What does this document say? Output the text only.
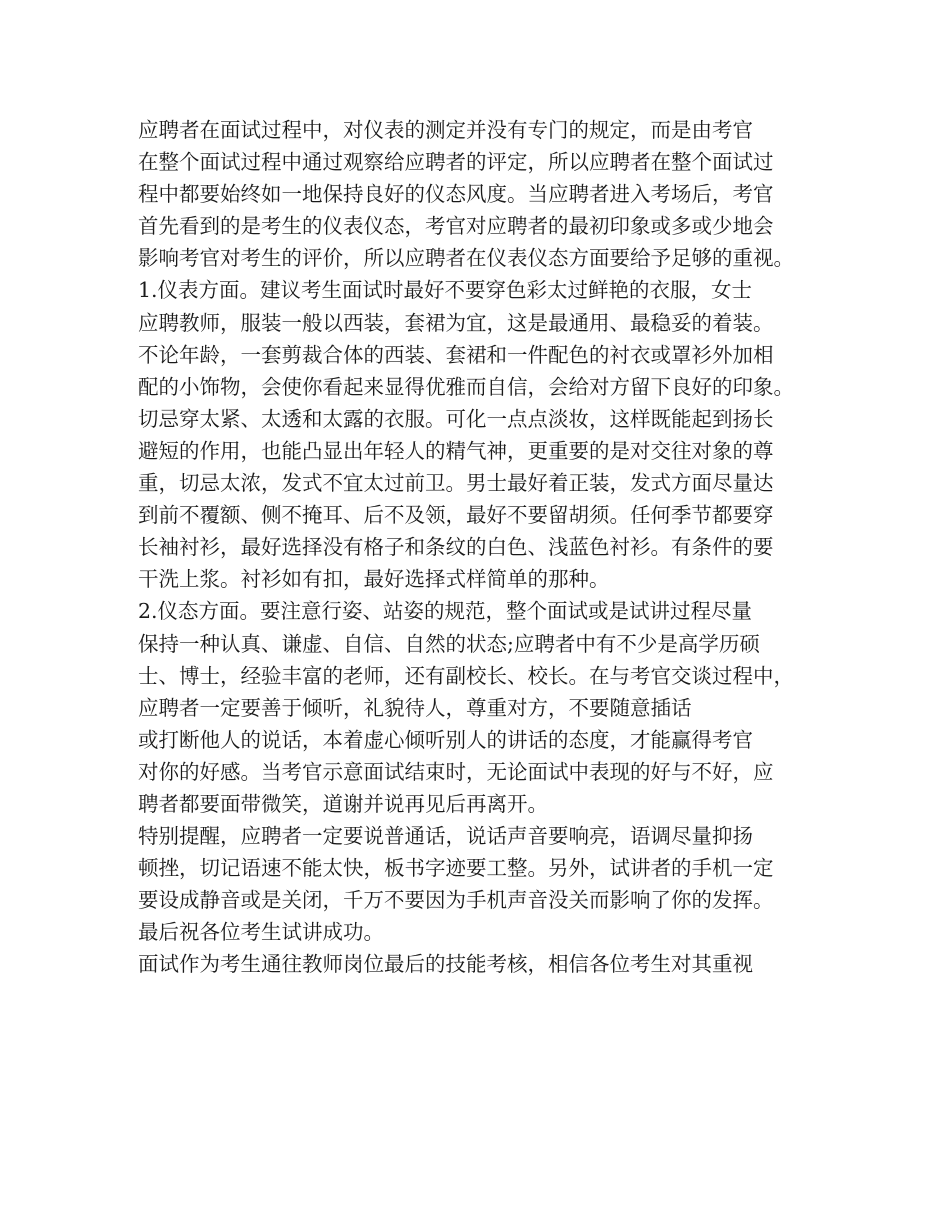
应聘者在面试过程中，对仪表的测定并没有专门的规定，而是由考官
在整个面试过程中通过观察给应聘者的评定，所以应聘者在整个面试过
程中都要始终如一地保持良好的仪态风度。当应聘者进入考场后，考官
首先看到的是考生的仪表仪态，考官对应聘者的最初印象或多或少地会
影响考官对考生的评价，所以应聘者在仪表仪态方面要给予足够的重视。
1.仪表方面。建议考生面试时最好不要穿色彩太过鲜艳的衣服，女士
应聘教师，服装一般以西装，套裙为宜，这是最通用、最稳妥的着装。
不论年龄，一套剪裁合体的西装、套裙和一件配色的衬衣或罩衫外加相
配的小饰物，会使你看起来显得优雅而自信，会给对方留下良好的印象。
切忌穿太紧、太透和太露的衣服。可化一点点淡妆，这样既能起到扬长
避短的作用，也能凸显出年轻人的精气神，更重要的是对交往对象的尊
重，切忌太浓，发式不宜太过前卫。男士最好着正装，发式方面尽量达
到前不覆额、侧不掩耳、后不及领，最好不要留胡须。任何季节都要穿
长袖衬衫，最好选择没有格子和条纹的白色、浅蓝色衬衫。有条件的要
干洗上浆。衬衫如有扣，最好选择式样简单的那种。
2.仪态方面。要注意行姿、站姿的规范，整个面试或是试讲过程尽量
保持一种认真、谦虚、自信、自然的状态;应聘者中有不少是高学历硕
士、博士，经验丰富的老师，还有副校长、校长。在与考官交谈过程中，
应聘者一定要善于倾听，礼貌待人，尊重对方，不要随意插话
或打断他人的说话，本着虚心倾听别人的讲话的态度，才能赢得考官
对你的好感。当考官示意面试结束时，无论面试中表现的好与不好，应
聘者都要面带微笑，道谢并说再见后再离开。
特别提醒，应聘者一定要说普通话，说话声音要响亮，语调尽量抑扬
顿挫，切记语速不能太快，板书字迹要工整。另外，试讲者的手机一定
要设成静音或是关闭，千万不要因为手机声音没关而影响了你的发挥。
最后祝各位考生试讲成功。
面试作为考生通往教师岗位最后的技能考核，相信各位考生对其重视
